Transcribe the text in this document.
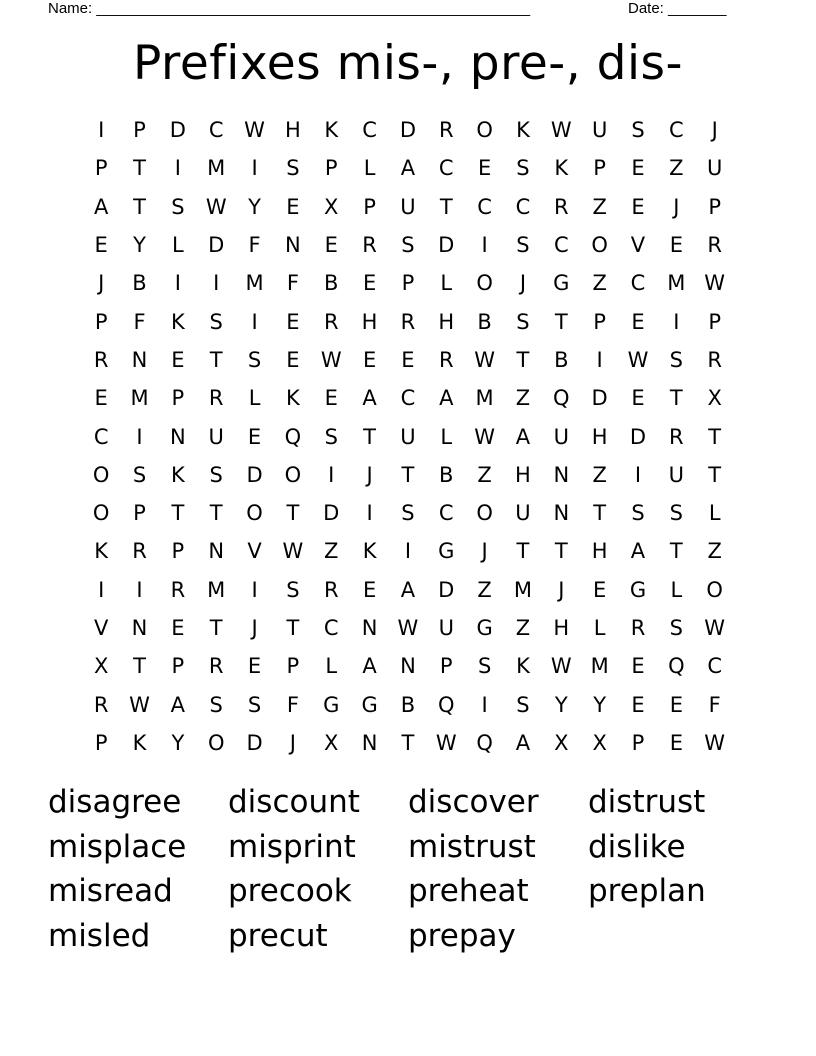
Name: ____________________________________________________	Date: _______
Prefixes mis-, pre-, dis-
I	P	D	C W H	K	C	D	R	O	K	W U	S	C	J
P	T	I	M	I	S	P	L	A	C	E	S	K	P	E	Z	U
A	T	S	W	Y	E	X	P	U	T	C	C	R	Z	E	J	P
E	Y	L	D	F	N	E	R	S	D	I	S	C	O	V	E	R
J	B	I	I	M	F	B	E	P	L	O	J	G	Z	C	M W
P	F	K	S	I	E	R	H	R	H	B	S	T	P	E	I	P
R	N	E	T	S	E	W	E	E	R W	T	B	I	W	S	R
E	M	P	R	L	K	E	A	C	A	M	Z	Q	D	E	T	X
C	I	N	U	E	Q	S	T	U	L	W A	U	H	D	R	T
O	S	K	S	D	O	I	J	T	B	Z	H	N	Z	I	U	T
O	P	T	T	O	T	D	I	S	C	O	U	N	T	S	S	L
K	R	P	N	V W Z	K	I	G	J	T	T	H	A	T	Z
I	I	R	M	I	S	R	E	A	D	Z	M	J	E	G	L	O
V	N	E	T	J	T	C	N W U	G	Z	H	L	R	S	W
X	T	P	R	E	P	L	A	N	P	S	K	W M	E	Q	C
R W A	S	S	F	G	G	B	Q	I	S	Y	Y	E	E	F
P	K	Y	O	D	J	X	N	T	W Q	A	X	X	P	E	W
disagree	discount	discover	distrust
misplace	misprint	mistrust	dislike
misread	precook	preheat	preplan
misled	precut	prepay
